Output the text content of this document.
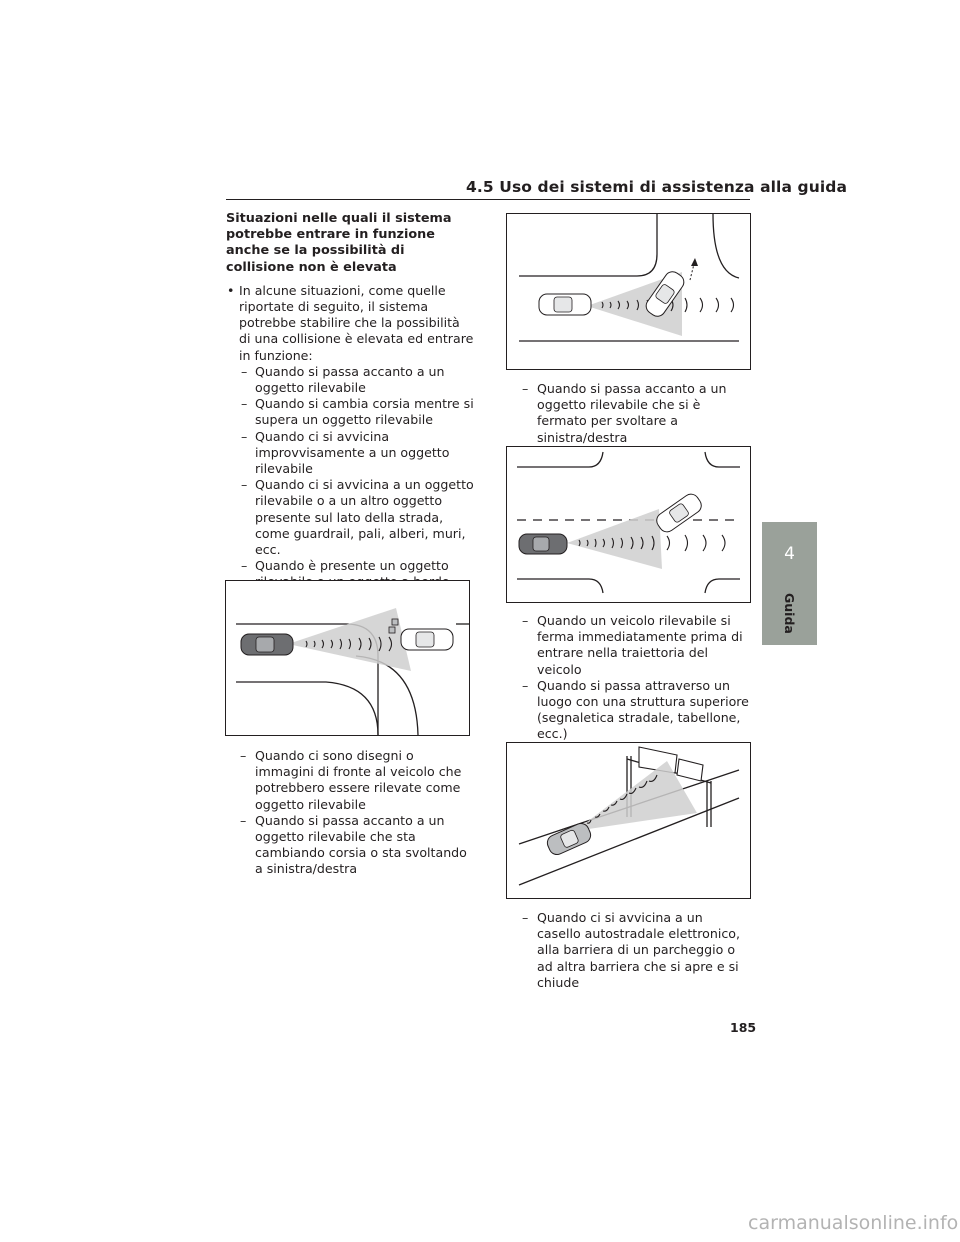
4.5 Uso dei sistemi di assistenza alla guida
Situazioni nelle quali il sistema potrebbe entrare in funzione anche se la possibilità di collisione non è elevata
• In alcune situazioni, come quelle riportate di seguito, il sistema potrebbe stabilire che la possibilità di una collisione è elevata ed entrare in funzione:
– Quando si passa accanto a un oggetto rilevabile
– Quando si cambia corsia mentre si supera un oggetto rilevabile
– Quando ci si avvicina improvvisamente a un oggetto rilevabile
– Quando ci si avvicina a un oggetto rilevabile o a un altro oggetto presente sul lato della strada, come guardrail, pali, alberi, muri, ecc.
– Quando è presente un oggetto
– Quando ci sono disegni o immagini di fronte al veicolo che potrebbero essere rilevate come oggetto rilevabile
– Quando si passa accanto a un oggetto rilevabile che sta cambiando corsia o sta svoltando a sinistra/destra
– Quando si passa accanto a un oggetto rilevabile che si è fermato per svoltare a sinistra/destra
– Quando un veicolo rilevabile si ferma immediatamente prima di entrare nella traiettoria del veicolo
– Quando si passa attraverso un luogo con una struttura superiore (segnaletica stradale, tabellone, ecc.)
– Quando ci si avvicina a un casello autostradale elettronico, alla barriera di un parcheggio o ad altra barriera che si apre e si chiude
4
Guida
185
carmanualsonline.info
